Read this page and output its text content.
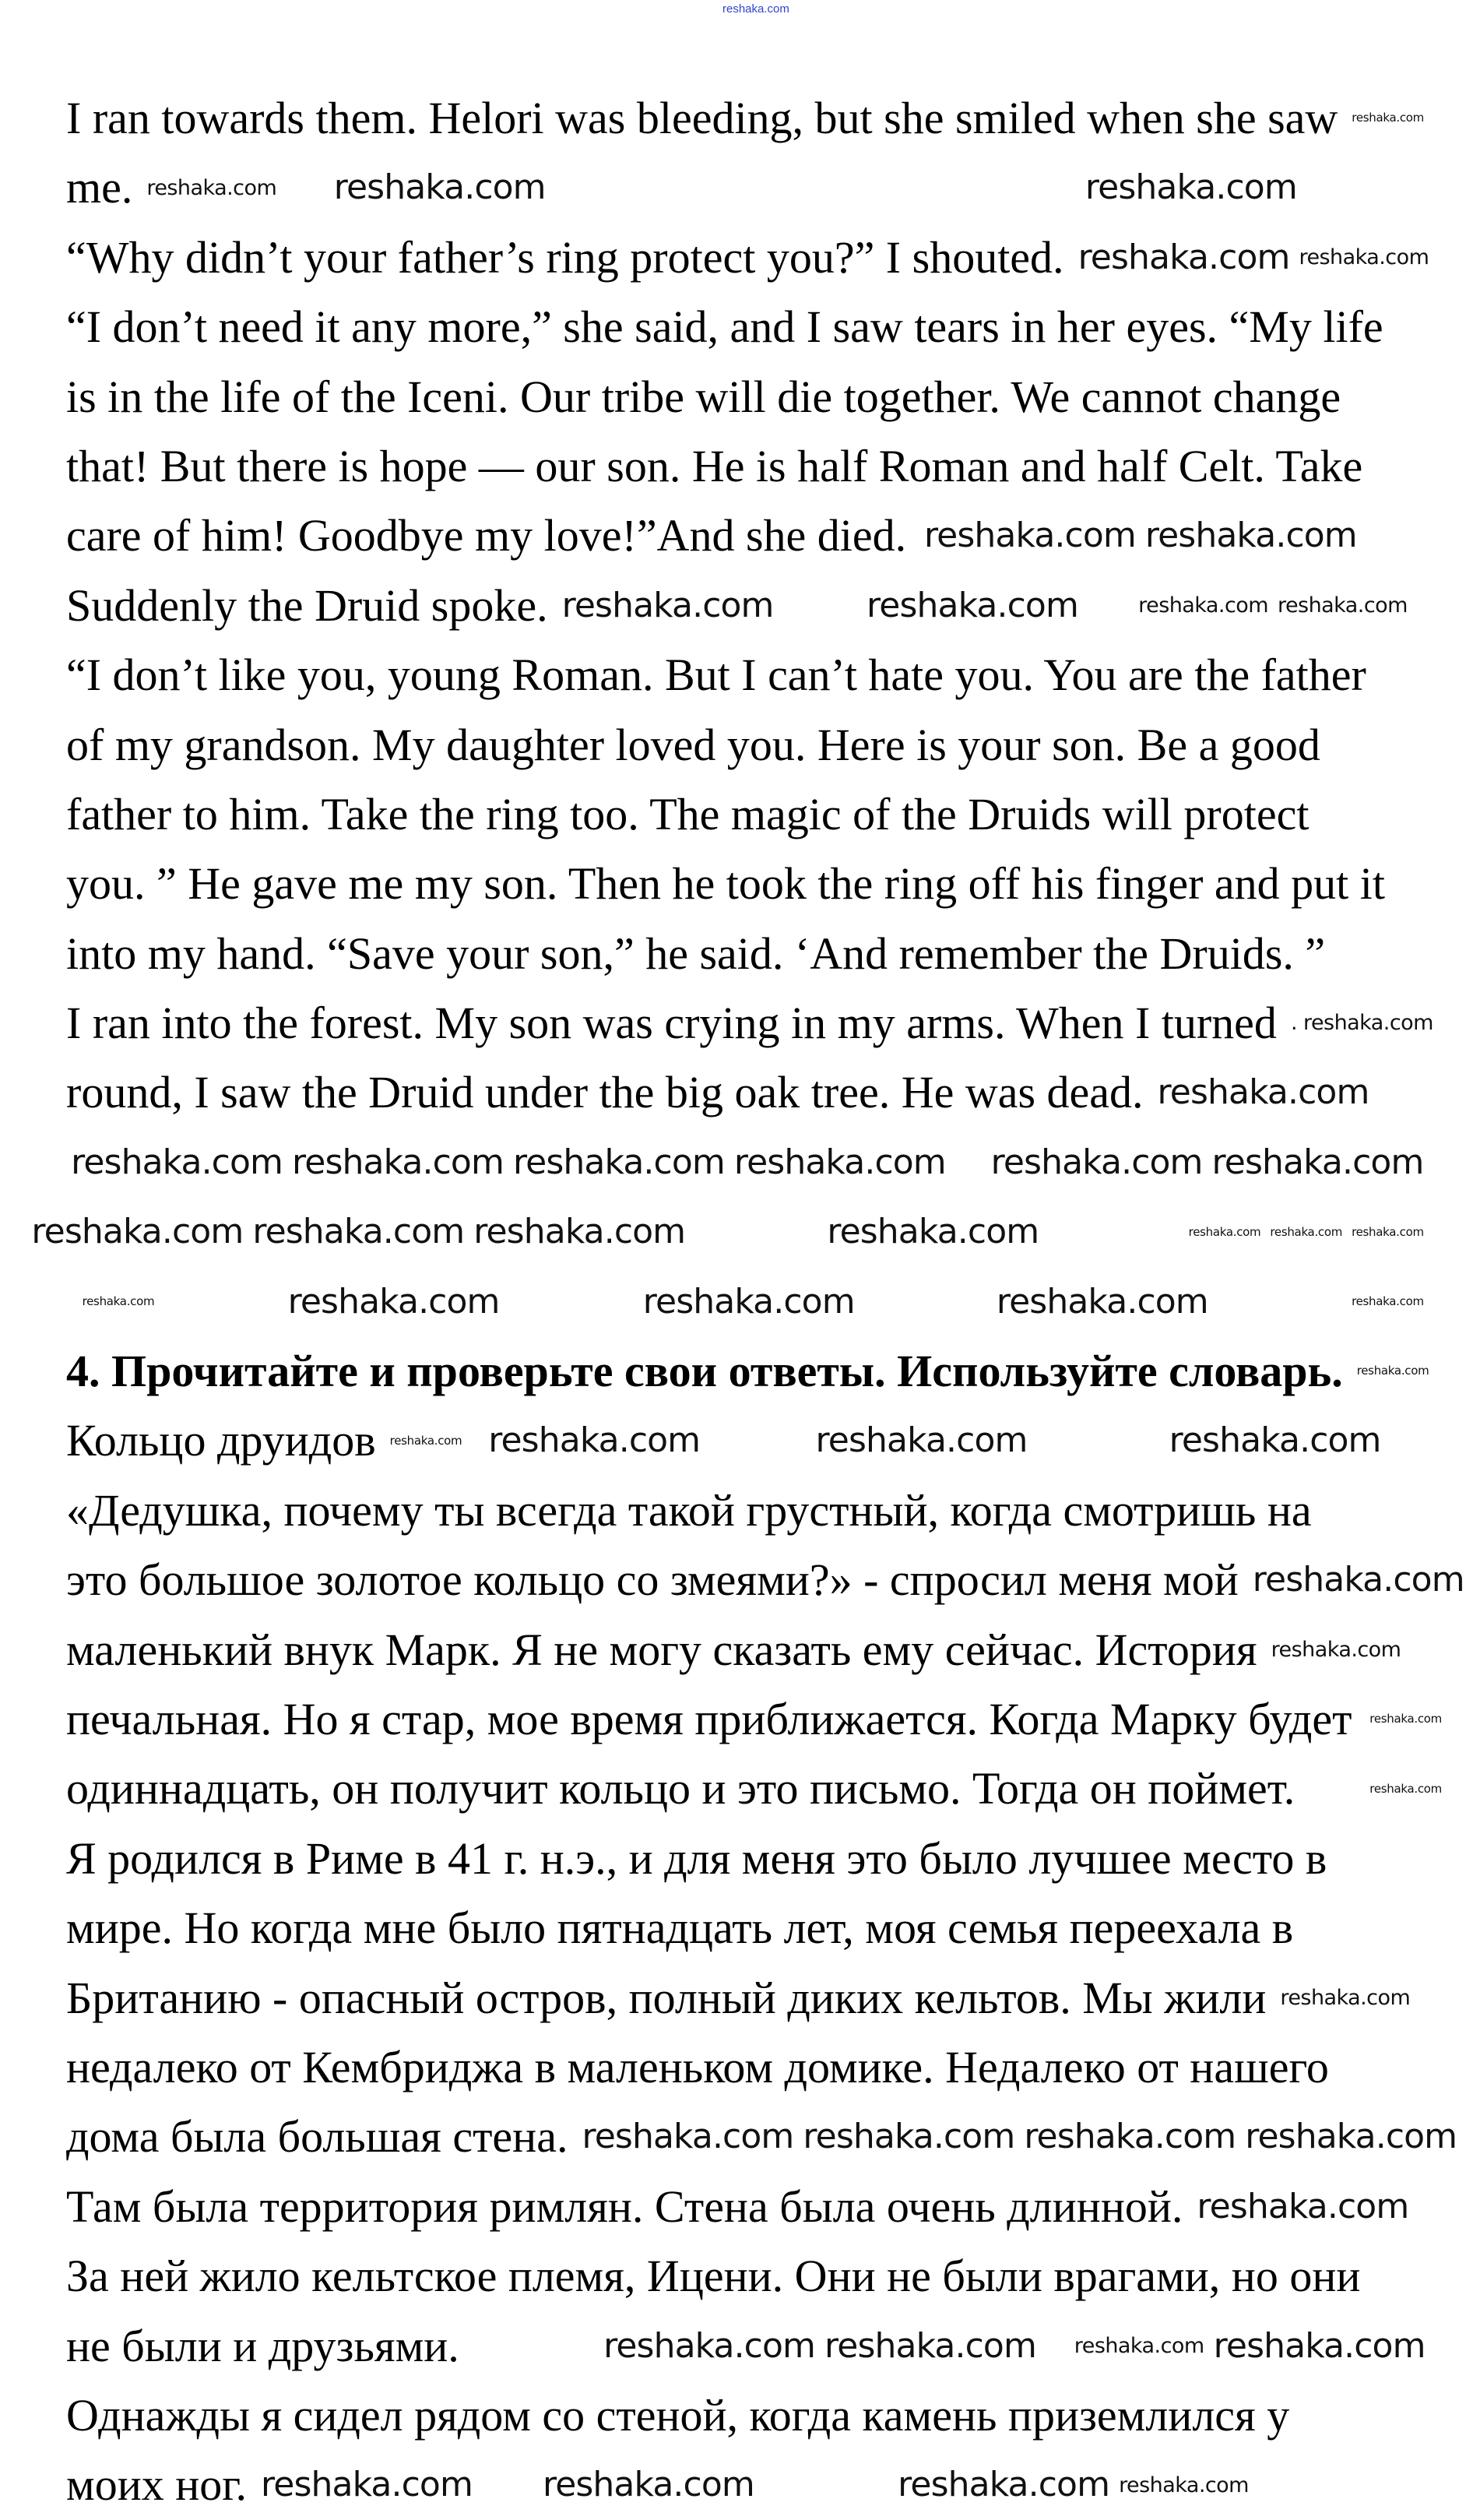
reshaka.com
I ran towards them. Helori was bleeding, but she smiled when she saw
me.
“Why didn’t your father’s ring protect you?” I shouted.
“I don’t need it any more,” she said, and I saw tears in her eyes. “My life
is in the life of the Iceni. Our tribe will die together. We cannot change
that! But there is hope — our son. He is half Roman and half Celt. Take
care of him! Goodbye my love!”And she died.
Suddenly the Druid spoke.
“I don’t like you, young Roman. But I can’t hate you. You are the father
of my grandson. My daughter loved you. Here is your son. Be a good
father to him. Take the ring too. The magic of the Druids will protect
you. ” He gave me my son. Then he took the ring off his finger and put it
into my hand. “Save your son,” he said. ‘And remember the Druids. ”
I ran into the forest. My son was crying in my arms. When I turned
round, I saw the Druid under the big oak tree. He was dead.
4. Прочитайте и проверьте свои ответы. Используйте словарь.
Кольцо друидов
«Дедушка, почему ты всегда такой грустный, когда смотришь на
это большое золотое кольцо со змеями?» - спросил меня мой
маленький внук Марк. Я не могу сказать ему сейчас. История
печальная. Но я стар, мое время приближается. Когда Марку будет
одиннадцать, он получит кольцо и это письмо. Тогда он поймет.
Я родился в Риме в 41 г. н.э., и для меня это было лучшее место в
мире. Но когда мне было пятнадцать лет, моя семья переехала в
Британию - опасный остров, полный диких кельтов. Мы жили
недалеко от Кембриджа в маленьком домике. Недалеко от нашего
дома была большая стена.
Там была территория римлян. Стена была очень длинной.
За ней жило кельтское племя, Ицени. Они не были врагами, но они
не были и друзьями.
Однажды я сидел рядом со стеной, когда камень приземлился у
моих ног.
reshaka.com
reshaka.com
reshaka.com
reshaka.com
reshaka.com
reshaka.com
reshaka.com reshaka.com
reshaka.com	reshaka.com
reshaka.com	reshaka.com
reshaka.com
reshaka.com	reshaka.com
. reshaka.com
reshaka.com	reshaka.com reshaka.com
reshaka.com
reshaka.com	reshaka.com	reshaka.com
reshaka.com
reshaka.com
reshaka.com
reshaka.com	reshaka.com	reshaka.com	reshaka.com
reshaka.com
reshaka.com
reshaka.com
reshaka.com	reshaka.com
reshaka.com
reshaka.com
reshaka.com
reshaka.com
reshaka.com
reshaka.com reshaka.com reshaka.com reshaka.com
reshaka.com
reshaka.com
reshaka.com
reshaka.com
reshaka.com
reshaka.com
reshaka.com
reshaka.com
reshaka.com	reshaka.com
reshaka.com
